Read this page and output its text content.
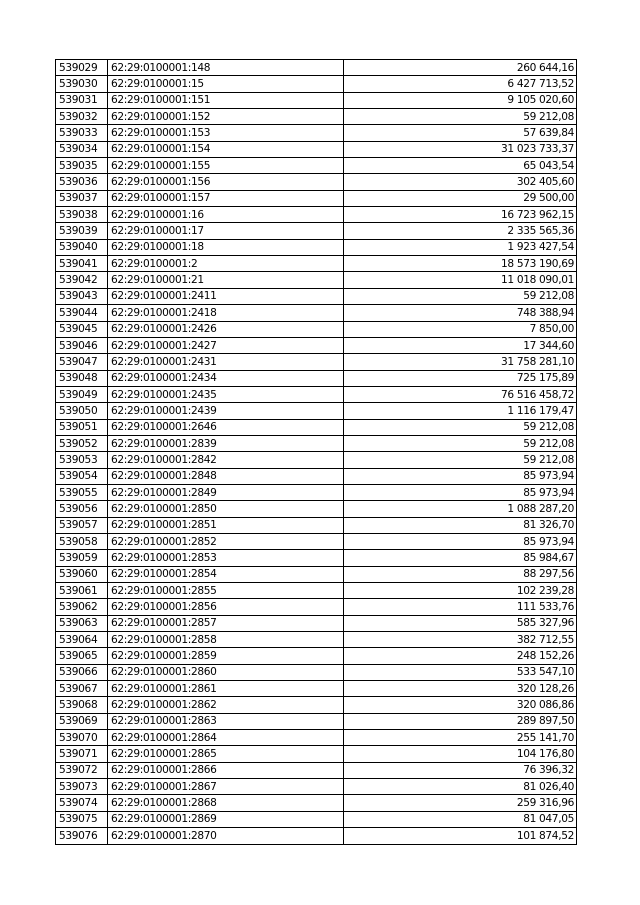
539029	62:29:0100001:148	260 644,16
539030	62:29:0100001:15	6 427 713,52
539031	62:29:0100001:151	9 105 020,60
539032	62:29:0100001:152	59 212,08
539033	62:29:0100001:153	57 639,84
539034	62:29:0100001:154	31 023 733,37
539035	62:29:0100001:155	65 043,54
539036	62:29:0100001:156	302 405,60
539037	62:29:0100001:157	29 500,00
539038	62:29:0100001:16	16 723 962,15
539039	62:29:0100001:17	2 335 565,36
539040	62:29:0100001:18	1 923 427,54
539041	62:29:0100001:2	18 573 190,69
539042	62:29:0100001:21	11 018 090,01
539043	62:29:0100001:2411	59 212,08
539044	62:29:0100001:2418	748 388,94
539045	62:29:0100001:2426	7 850,00
539046	62:29:0100001:2427	17 344,60
539047	62:29:0100001:2431	31 758 281,10
539048	62:29:0100001:2434	725 175,89
539049	62:29:0100001:2435	76 516 458,72
539050	62:29:0100001:2439	1 116 179,47
539051	62:29:0100001:2646	59 212,08
539052	62:29:0100001:2839	59 212,08
539053	62:29:0100001:2842	59 212,08
539054	62:29:0100001:2848	85 973,94
539055	62:29:0100001:2849	85 973,94
539056	62:29:0100001:2850	1 088 287,20
539057	62:29:0100001:2851	81 326,70
539058	62:29:0100001:2852	85 973,94
539059	62:29:0100001:2853	85 984,67
539060	62:29:0100001:2854	88 297,56
539061	62:29:0100001:2855	102 239,28
539062	62:29:0100001:2856	111 533,76
539063	62:29:0100001:2857	585 327,96
539064	62:29:0100001:2858	382 712,55
539065	62:29:0100001:2859	248 152,26
539066	62:29:0100001:2860	533 547,10
539067	62:29:0100001:2861	320 128,26
539068	62:29:0100001:2862	320 086,86
539069	62:29:0100001:2863	289 897,50
539070	62:29:0100001:2864	255 141,70
539071	62:29:0100001:2865	104 176,80
539072	62:29:0100001:2866	76 396,32
539073	62:29:0100001:2867	81 026,40
539074	62:29:0100001:2868	259 316,96
539075	62:29:0100001:2869	81 047,05
539076	62:29:0100001:2870	101 874,52
